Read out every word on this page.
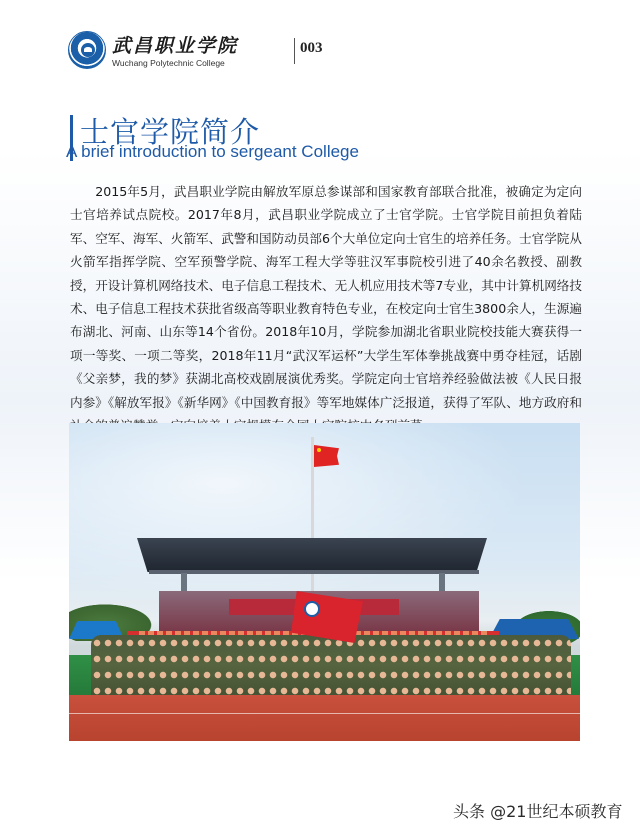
武昌职业学院
Wuchang Polytechnic College
003
士官学院简介
A brief introduction to sergeant College

2015年5月，武昌职业学院由解放军原总参谋部和国家教育部联合批准，被确定为定向士官培养试点院校。2017年8月，武昌职业学院成立了士官学院。士官学院目前担负着陆军、空军、海军、火箭军、武警和国防动员部6个大单位定向士官生的培养任务。士官学院从火箭军指挥学院、空军预警学院、海军工程大学等驻汉军事院校引进了40余名教授、副教授，开设计算机网络技术、电子信息工程技术、无人机应用技术等7专业，其中计算机网络技术、电子信息工程技术获批省级高等职业教育特色专业，在校定向士官生3800余人，生源遍布湖北、河南、山东等14个省份。2018年10月，学院参加湖北省职业院校技能大赛获得一项一等奖、一项二等奖，2018年11月“武汉军运杯”大学生军体拳挑战赛中勇夺桂冠，话剧《父亲梦，我的梦》获湖北高校戏剧展演优秀奖。学院定向士官培养经验做法被《人民日报内参》《解放军报》《新华网》《中国教育报》等军地媒体广泛报道，获得了军队、地方政府和

头条 @21世纪本硕教育
